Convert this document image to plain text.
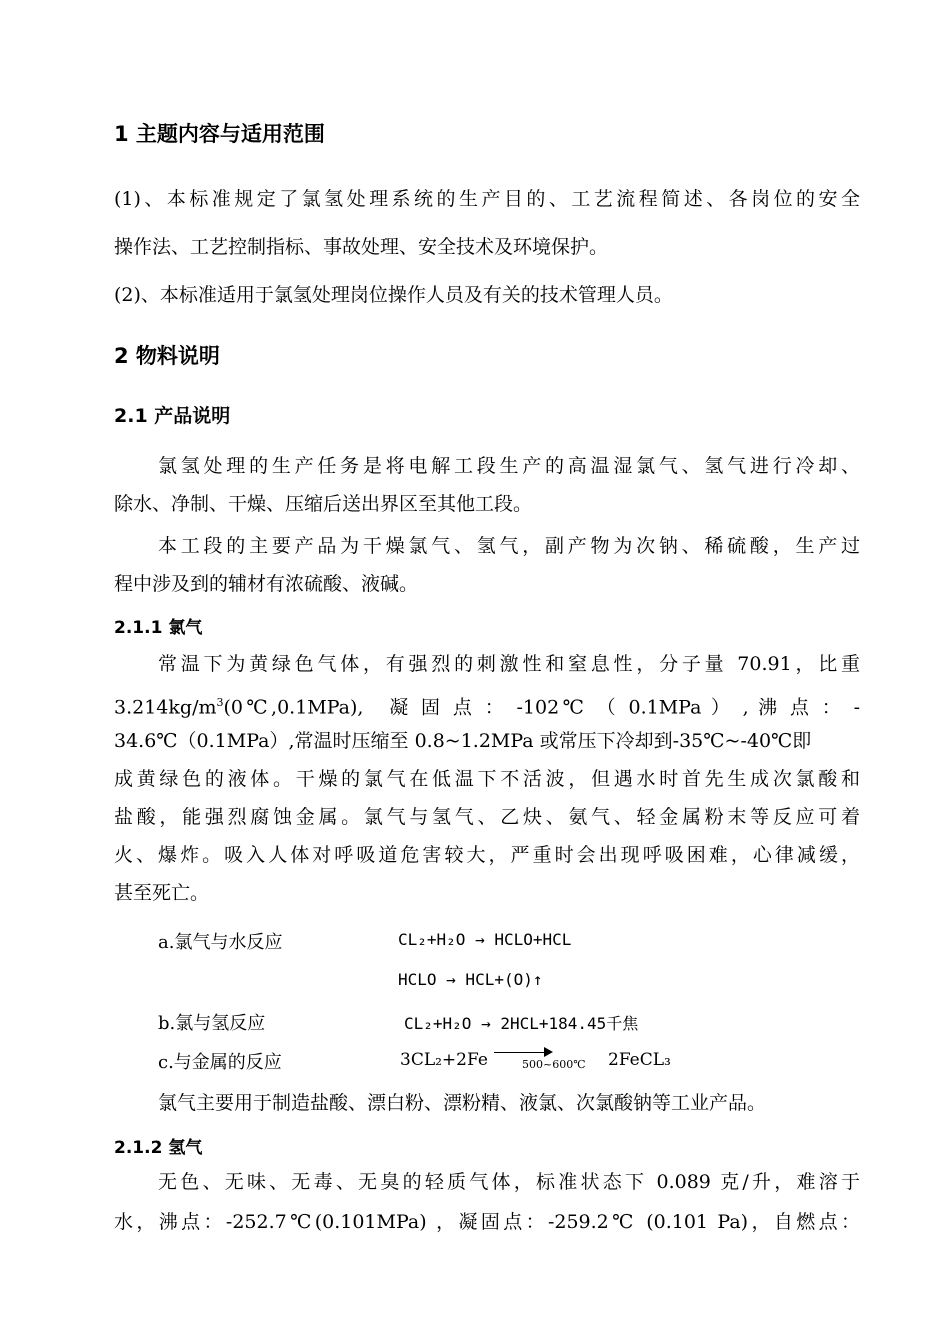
1 主题内容与适用范围
(1)、本标准规定了氯氢处理系统的生产目的、工艺流程简述、各岗位的安全
操作法、工艺控制指标、事故处理、安全技术及环境保护。
(2)、本标准适用于氯氢处理岗位操作人员及有关的技术管理人员。
2 物料说明
2.1 产品说明
氯氢处理的生产任务是将电解工段生产的高温湿氯气、氢气进行冷却、
除水、净制、干燥、压缩后送出界区至其他工段。
本工段的主要产品为干燥氯气、氢气，副产物为次钠、稀硫酸，生产过
程中涉及到的辅材有浓硫酸、液碱。
2.1.1 氯气
常温下为黄绿色气体，有强烈的刺激性和窒息性，分子量 70.91，比重
$3.214kg/m^3(0℃,0.1MPa)$,　凝 固 点 ： -102℃ （ 0.1MPa ） , 沸 点 ： -
34.6℃（0.1MPa）,常温时压缩至 0.8~1.2MPa 或常压下冷却到-35℃~-40℃即
成黄绿色的液体。干燥的氯气在低温下不活波，但遇水时首先生成次氯酸和
盐酸，能强烈腐蚀金属。氯气与氢气、乙炔、氨气、轻金属粉末等反应可着
火、爆炸。吸入人体对呼吸道危害较大，严重时会出现呼吸困难，心律减缓，
甚至死亡。
a.氯气与水反应	CL₂+H₂O → HCLO+HCL
HCLO → HCL+(O)↑
b.氯与氢反应	CL₂+H₂O → 2HCL+184.45千焦
c.与金属的反应	3CL₂+2Fe	500~600℃ 2FeCL₃
氯气主要用于制造盐酸、漂白粉、漂粉精、液氯、次氯酸钠等工业产品。
2.1.2 氢气
无色、无味、无毒、无臭的轻质气体，标准状态下 0.089 克/升，难溶于
水，沸点：-252.7℃(0.101MPa) ，凝固点：-259.2℃ (0.101 Pa)，自燃点：
